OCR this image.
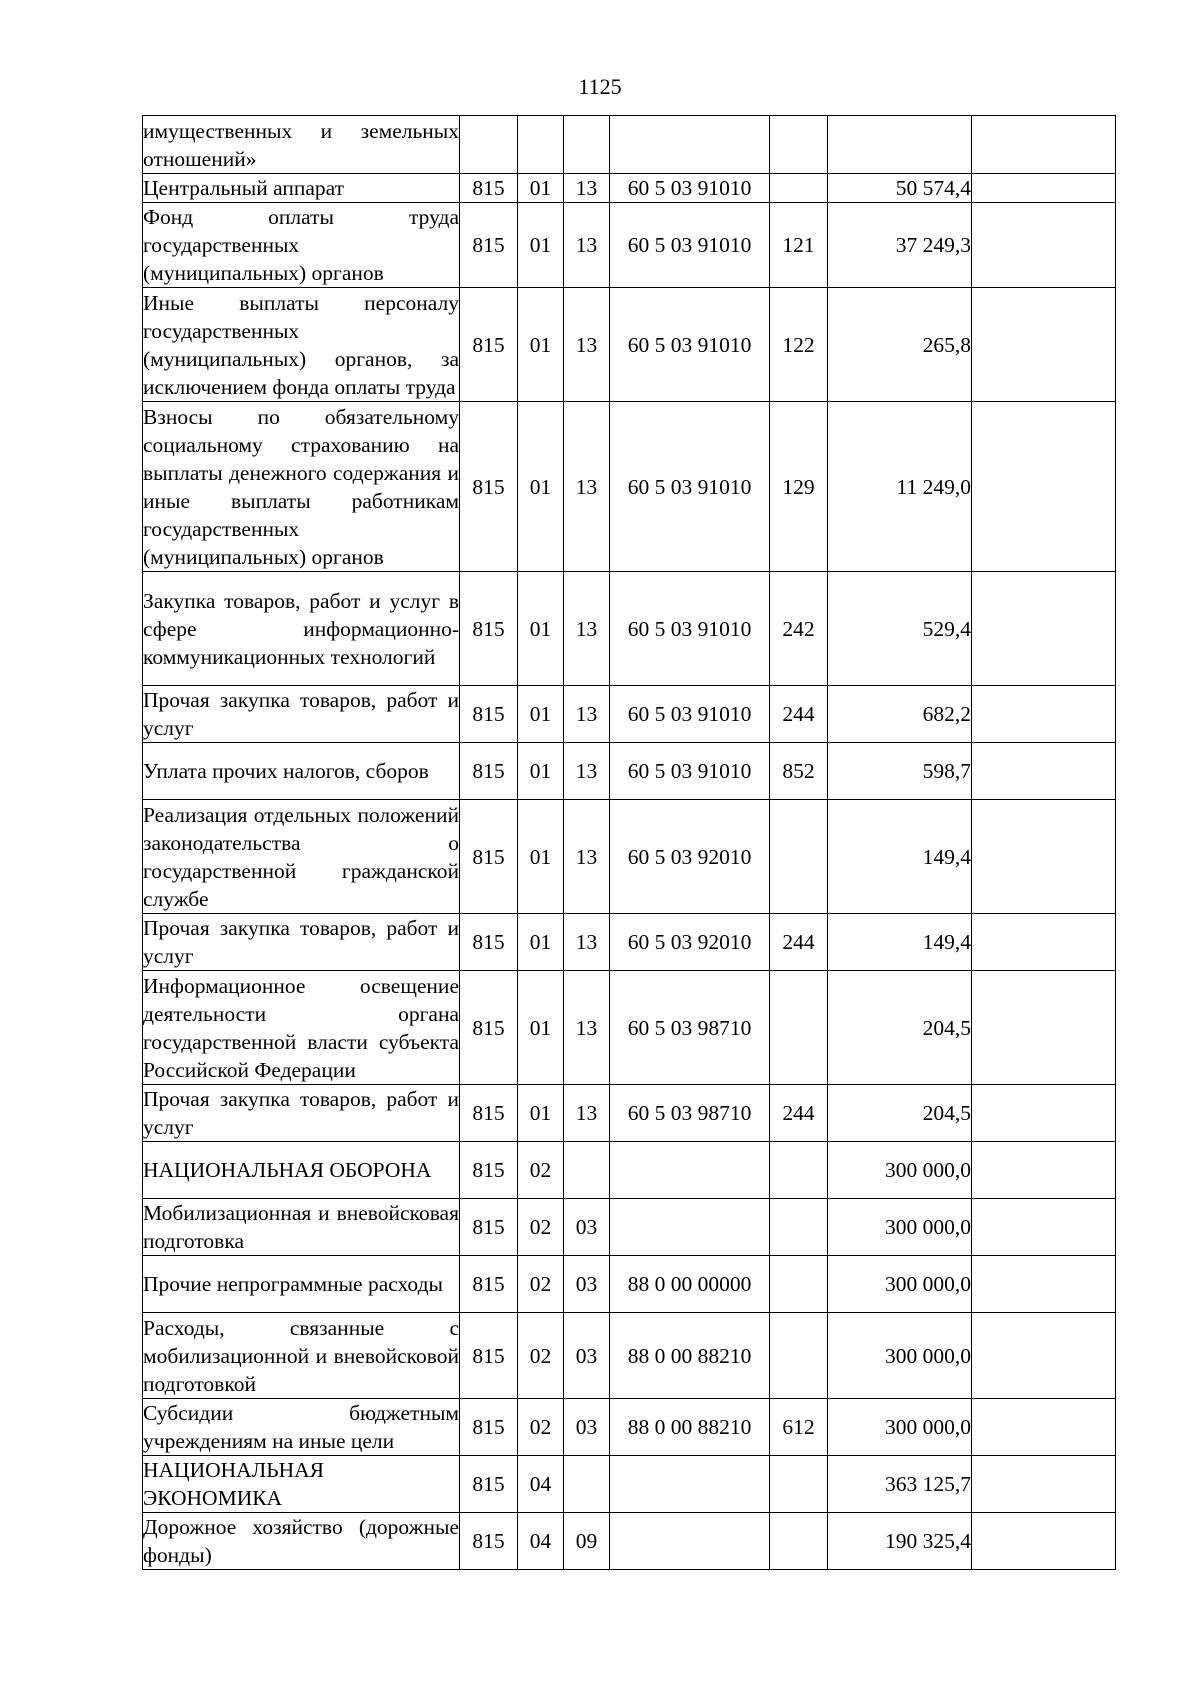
1125
имущественных и земельных отношений»							
Центральный аппарат	815	01	13	60 5 03 91010		50 574,4	
Фонд оплаты труда государственных (муниципальных) органов	815	01	13	60 5 03 91010	121	37 249,3	
Иные выплаты персоналу государственных (муниципальных) органов, за исключением фонда оплаты труда	815	01	13	60 5 03 91010	122	265,8	
Взносы по обязательному социальному страхованию на выплаты денежного содержания и иные выплаты работникам государственных (муниципальных) органов	815	01	13	60 5 03 91010	129	11 249,0	
Закупка товаров, работ и услуг в сфере информационно-коммуникационных технологий	815	01	13	60 5 03 91010	242	529,4	
Прочая закупка товаров, работ и услуг	815	01	13	60 5 03 91010	244	682,2	
Уплата прочих налогов, сборов	815	01	13	60 5 03 91010	852	598,7	
Реализация отдельных положений законодательства о государственной гражданской службе	815	01	13	60 5 03 92010		149,4	
Прочая закупка товаров, работ и услуг	815	01	13	60 5 03 92010	244	149,4	
Информационное освещение деятельности органа государственной власти субъекта Российской Федерации	815	01	13	60 5 03 98710		204,5	
Прочая закупка товаров, работ и услуг	815	01	13	60 5 03 98710	244	204,5	
НАЦИОНАЛЬНАЯ ОБОРОНА	815	02				300 000,0	
Мобилизационная и вневойсковая подготовка	815	02	03			300 000,0	
Прочие непрограммные расходы	815	02	03	88 0 00 00000		300 000,0	
Расходы, связанные с мобилизационной и вневойсковой подготовкой	815	02	03	88 0 00 88210		300 000,0	
Субсидии бюджетным учреждениям на иные цели	815	02	03	88 0 00 88210	612	300 000,0	
НАЦИОНАЛЬНАЯ ЭКОНОМИКА	815	04				363 125,7	
Дорожное хозяйство (дорожные фонды)	815	04	09			190 325,4	
